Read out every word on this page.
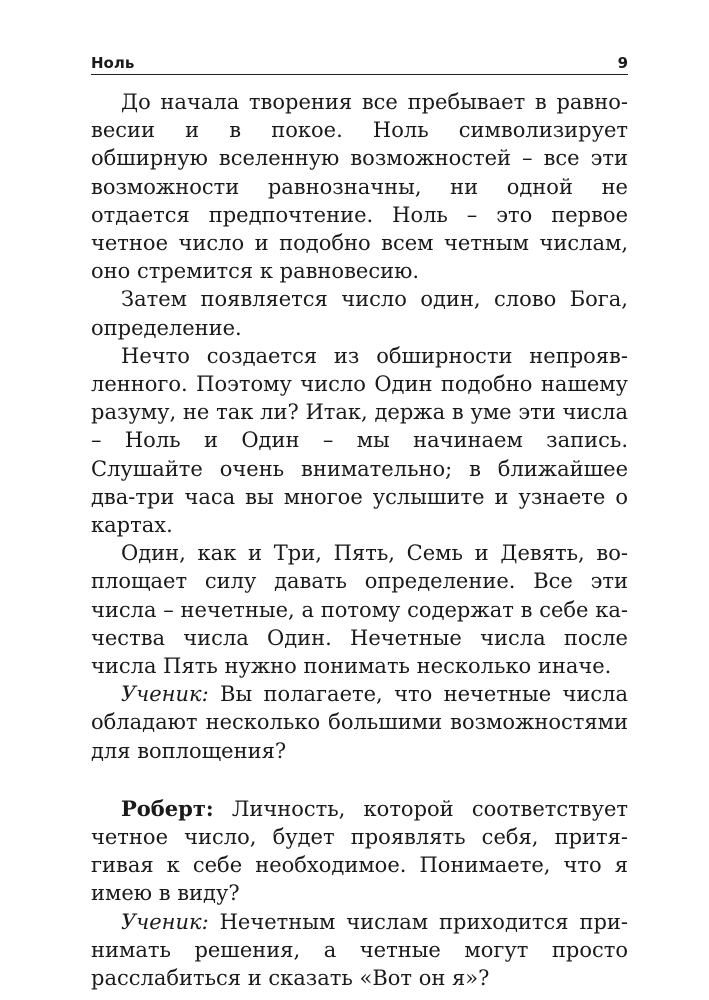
Ноль	9

До начала творения все пребывает в равновесии и в покое. Ноль символизирует обширную вселенную возможностей – все эти возможности равнозначны, ни одной не отдается предпочтение. Ноль – это первое четное число и подобно всем четным числам, оно стремится к равновесию.

Затем появляется число один, слово Бога, определение.

Нечто создается из обширности непроявленного. Поэтому число Один подобно нашему разуму, не так ли? Итак, держа в уме эти числа – Ноль и Один – мы начинаем запись. Слушайте очень внимательно; в ближайшее два-три часа вы многое услышите и узнаете о картах.

Один, как и Три, Пять, Семь и Девять, воплощает силу давать определение. Все эти числа – нечетные, а потому содержат в себе качества числа Один. Нечетные числа после числа Пять нужно понимать несколько иначе.

Ученик: Вы полагаете, что нечетные числа обладают несколько большими возможностями для воплощения?

Роберт: Личность, которой соответствует четное число, будет проявлять себя, притягивая к себе необходимое. Понимаете, что я имею в виду?

Ученик: Нечетным числам приходится принимать решения, а четные могут просто расслабиться и сказать «Вот он я»?
